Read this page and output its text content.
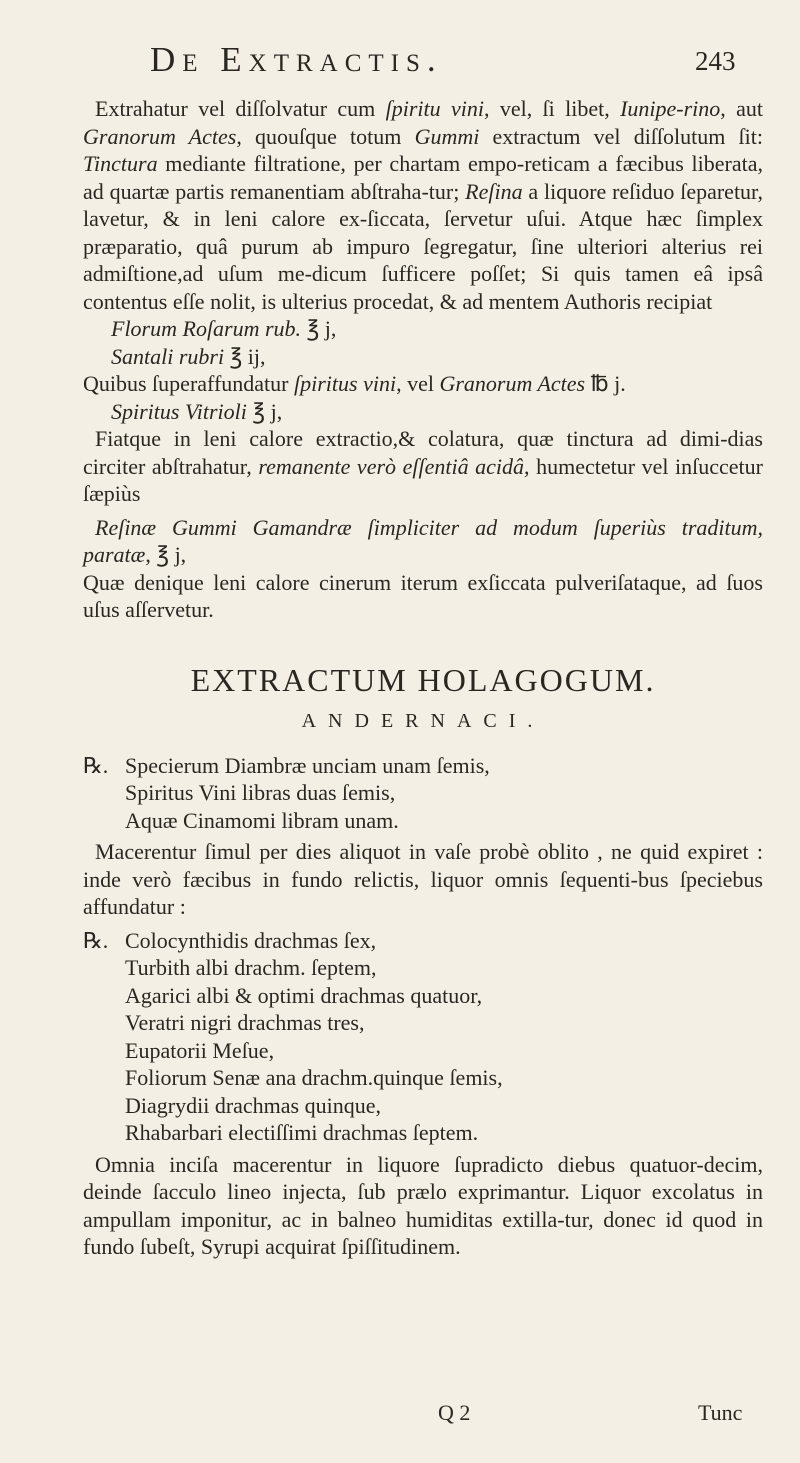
De Extractis.	243

Extrahatur vel diſſolvatur cum ſpiritu vini, vel, ſi libet, Iunipe-rino, aut Granorum Actes, quouſque totum Gummi extractum vel diſſolutum ſit: Tinctura mediante filtratione, per chartam empo-reticam a fæcibus liberata, ad quartæ partis remanentiam abſtraha-tur; Reſina a liquore reſiduo ſeparetur, lavetur, & in leni calore ex-ſiccata, ſervetur uſui. Atque hæc ſimplex præparatio, quâ purum ab impuro ſegregatur, ſine ulteriori alterius rei admiſtione,ad uſum me-dicum ſufficere poſſet; Si quis tamen eâ ipsâ contentus eſſe nolit, is ulterius procedat, & ad mentem Authoris recipiat

Florum Roſarum rub. ℥ j,

Santali rubri ℥ ij,

Quibus ſuperaffundatur ſpiritus vini, vel Granorum Actes ℔ j.

Spiritus Vitrioli ℥ j,

Fiatque in leni calore extractio,& colatura, quæ tinctura ad dimi-dias circiter abſtrahatur, remanente verò eſſentiâ acidâ, humectetur vel inſuccetur ſæpiùs

Reſinæ Gummi Gamandræ ſimpliciter ad modum ſuperiùs traditum, paratæ, ℥ j,

Quæ denique leni calore cinerum iterum exſiccata pulveriſataque, ad ſuos uſus aſſervetur.

EXTRACTUM HOLAGOGUM.
ANDERNACI.

℞. Specierum Diambræ unciam unam ſemis,

Spiritus Vini libras duas ſemis,

Aquæ Cinamomi libram unam.

Macerentur ſimul per dies aliquot in vaſe probè oblito , ne quid expiret : inde verò fæcibus in fundo relictis, liquor omnis ſequenti-bus ſpeciebus affundatur :

℞. Colocynthidis drachmas ſex,

Turbith albi drachm. ſeptem,

Agarici albi & optimi drachmas quatuor,

Veratri nigri drachmas tres,

Eupatorii Meſue,

Foliorum Senæ ana drachm.quinque ſemis,

Diagrydii drachmas quinque,

Rhabarbari electiſſimi drachmas ſeptem.

Omnia inciſa macerentur in liquore ſupradicto diebus quatuor-decim, deinde ſacculo lineo injecta, ſub prælo exprimantur. Liquor excolatus in ampullam imponitur, ac in balneo humiditas extilla-tur, donec id quod in fundo ſubeſt, Syrupi acquirat ſpiſſitudinem.

Q 2	Tunc
